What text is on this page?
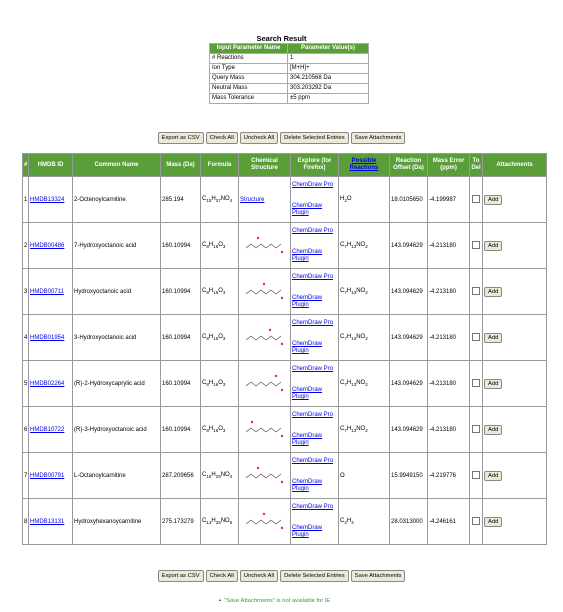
Search Result
Input Parameter Name	Parameter Value(s)
# Reactions	1
Ion Type	[M+H]+
Query Mass	304.210568 Da
Neutral Mass	303.203292 Da
Mass Tolerance	±5 ppm
Export as CSV Check All Uncheck All Delete Selected Entries Save Attachments
#	HMDB ID	Common Name	Mass (Da)	Formula	Chemical Structure	Explore (for Firefox)	Possible Reactions	Reaction Offset (Da)	Mass Error (ppm)	To Del	Attachments
1	HMDB13324	2-Octenoylcarnitine	285.194	$C_{15}H_{27}NO_4$	Structure	ChemDraw Pro
ChemDraw Plugin	$H_2O$	18.0105650	-4.199987		Add
2	HMDB00486	7-Hydroxyoctanoic acid	160.10994	$C_8H_{16}O_3$		ChemDraw Pro
ChemDraw Plugin	$C_7H_{13}NO_2$	143.094629	-4.213180		Add
3	HMDB00711	Hydroxyoctanoic acid	160.10994	$C_8H_{16}O_3$		ChemDraw Pro
ChemDraw Plugin	$C_7H_{13}NO_2$	143.094629	-4.213180		Add
4	HMDB01954	3-Hydroxyoctanoic acid	160.10994	$C_8H_{16}O_3$		ChemDraw Pro
ChemDraw Plugin	$C_7H_{13}NO_2$	143.094629	-4.213180		Add
5	HMDB02264	(R)-2-Hydroxycaprylic acid	160.10994	$C_8H_{16}O_3$		ChemDraw Pro
ChemDraw Plugin	$C_7H_{13}NO_2$	143.094629	-4.213180		Add
6	HMDB10722	(R)-3-Hydroxyoctanoic acid	160.10994	$C_8H_{16}O_3$		ChemDraw Pro
ChemDraw Plugin	$C_7H_{13}NO_2$	143.094629	-4.213180		Add
7	HMDB00791	L-Octanoylcarnitine	287.209656	$C_{15}H_{29}NO_4$		ChemDraw Pro
ChemDraw Plugin	O	15.9949150	-4.219776		Add
8	HMDB13131	Hydroxyhexanoycarnitine	275.173279	$C_{13}H_{25}NO_5$		ChemDraw Pro
ChemDraw Plugin	$C_2H_4$	28.0313000	-4.246161		Add
Export as CSV Check All Uncheck All Delete Selected Entries Save Attachments
• "Save Attachments" is not available for IE
